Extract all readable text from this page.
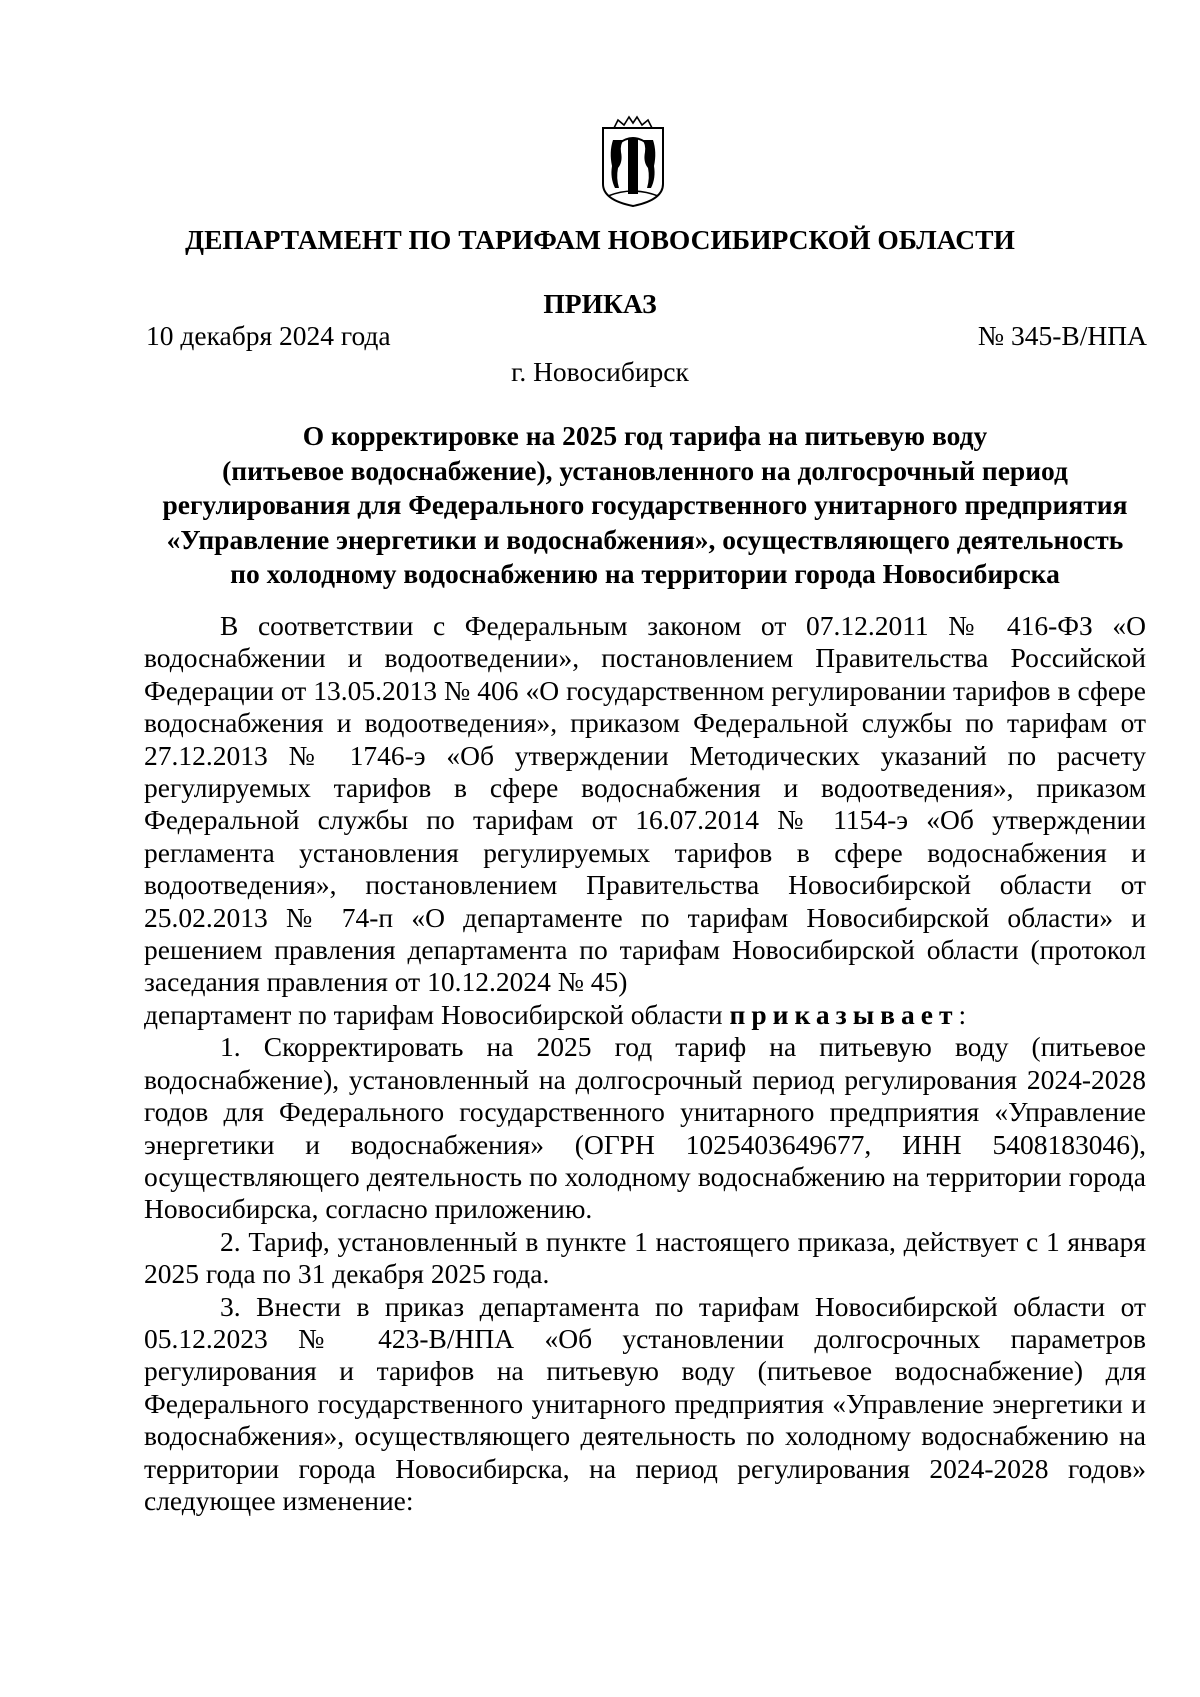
ДЕПАРТАМЕНТ ПО ТАРИФАМ НОВОСИБИРСКОЙ ОБЛАСТИ
ПРИКАЗ
10 декабря 2024 года	№ 345-В/НПА
г. Новосибирск
О корректировке на 2025 год тарифа на питьевую воду
(питьевое водоснабжение), установленного на долгосрочный период
регулирования для Федерального государственного унитарного предприятия
«Управление энергетики и водоснабжения», осуществляющего деятельность
по холодному водоснабжению на территории города Новосибирска

В соответствии с Федеральным законом от 07.12.2011 № 416-ФЗ «О водоснабжении и водоотведении», постановлением Правительства Российской Федерации от 13.05.2013 № 406 «О государственном регулировании тарифов в сфере водоснабжения и водоотведения», приказом Федеральной службы по тарифам от 27.12.2013 № 1746-э «Об утверждении Методических указаний по расчету регулируемых тарифов в сфере водоснабжения и водоотведения», приказом Федеральной службы по тарифам от 16.07.2014 № 1154-э «Об утверждении регламента установления регулируемых тарифов в сфере водоснабжения и водоотведения», постановлением Правительства Новосибирской области от 25.02.2013 № 74-п «О департаменте по тарифам Новосибирской области» и решением правления департамента по тарифам Новосибирской области (протокол заседания правления от 10.12.2024 № 45)

департамент по тарифам Новосибирской области приказывает:

1. Скорректировать на 2025 год тариф на питьевую воду (питьевое водоснабжение), установленный на долгосрочный период регулирования 2024-2028 годов для Федерального государственного унитарного предприятия «Управление энергетики и водоснабжения» (ОГРН 1025403649677, ИНН 5408183046), осуществляющего деятельность по холодному водоснабжению на территории города Новосибирска, согласно приложению.

2. Тариф, установленный в пункте 1 настоящего приказа, действует с 1 января 2025 года по 31 декабря 2025 года.

3. Внести в приказ департамента по тарифам Новосибирской области от 05.12.2023 № 423-В/НПА «Об установлении долгосрочных параметров регулирования и тарифов на питьевую воду (питьевое водоснабжение) для Федерального государственного унитарного предприятия «Управление энергетики и водоснабжения», осуществляющего деятельность по холодному водоснабжению на территории города Новосибирска, на период регулирования 2024-2028 годов» следующее изменение:
